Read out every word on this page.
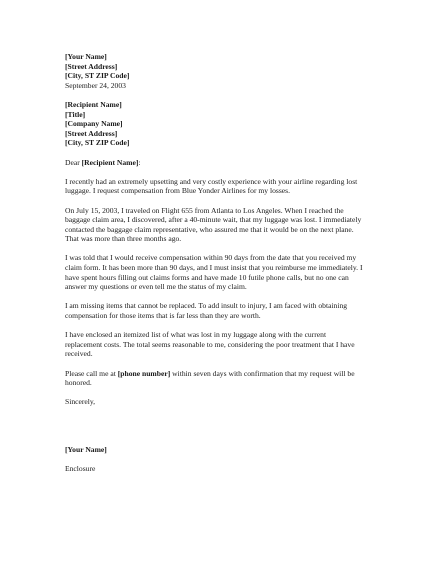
[Your Name]
[Street Address]
[City, ST ZIP Code]
September 24, 2003
[Recipient Name]
[Title]
[Company Name]
[Street Address]
[City, ST ZIP Code]
Dear [Recipient Name]:
I recently had an extremely upsetting and very costly experience with your airline regarding lost
luggage. I request compensation from Blue Yonder Airlines for my losses.
On July 15, 2003, I traveled on Flight 655 from Atlanta to Los Angeles. When I reached the
baggage claim area, I discovered, after a 40-minute wait, that my luggage was lost. I immediately
contacted the baggage claim representative, who assured me that it would be on the next plane.
That was more than three months ago.
I was told that I would receive compensation within 90 days from the date that you received my
claim form. It has been more than 90 days, and I must insist that you reimburse me immediately. I
have spent hours filling out claims forms and have made 10 futile phone calls, but no one can
answer my questions or even tell me the status of my claim.
I am missing items that cannot be replaced. To add insult to injury, I am faced with obtaining
compensation for those items that is far less than they are worth.
I have enclosed an itemized list of what was lost in my luggage along with the current
replacement costs. The total seems reasonable to me, considering the poor treatment that I have
received.
Please call me at [phone number] within seven days with confirmation that my request will be
honored.
Sincerely,
[Your Name]
Enclosure
